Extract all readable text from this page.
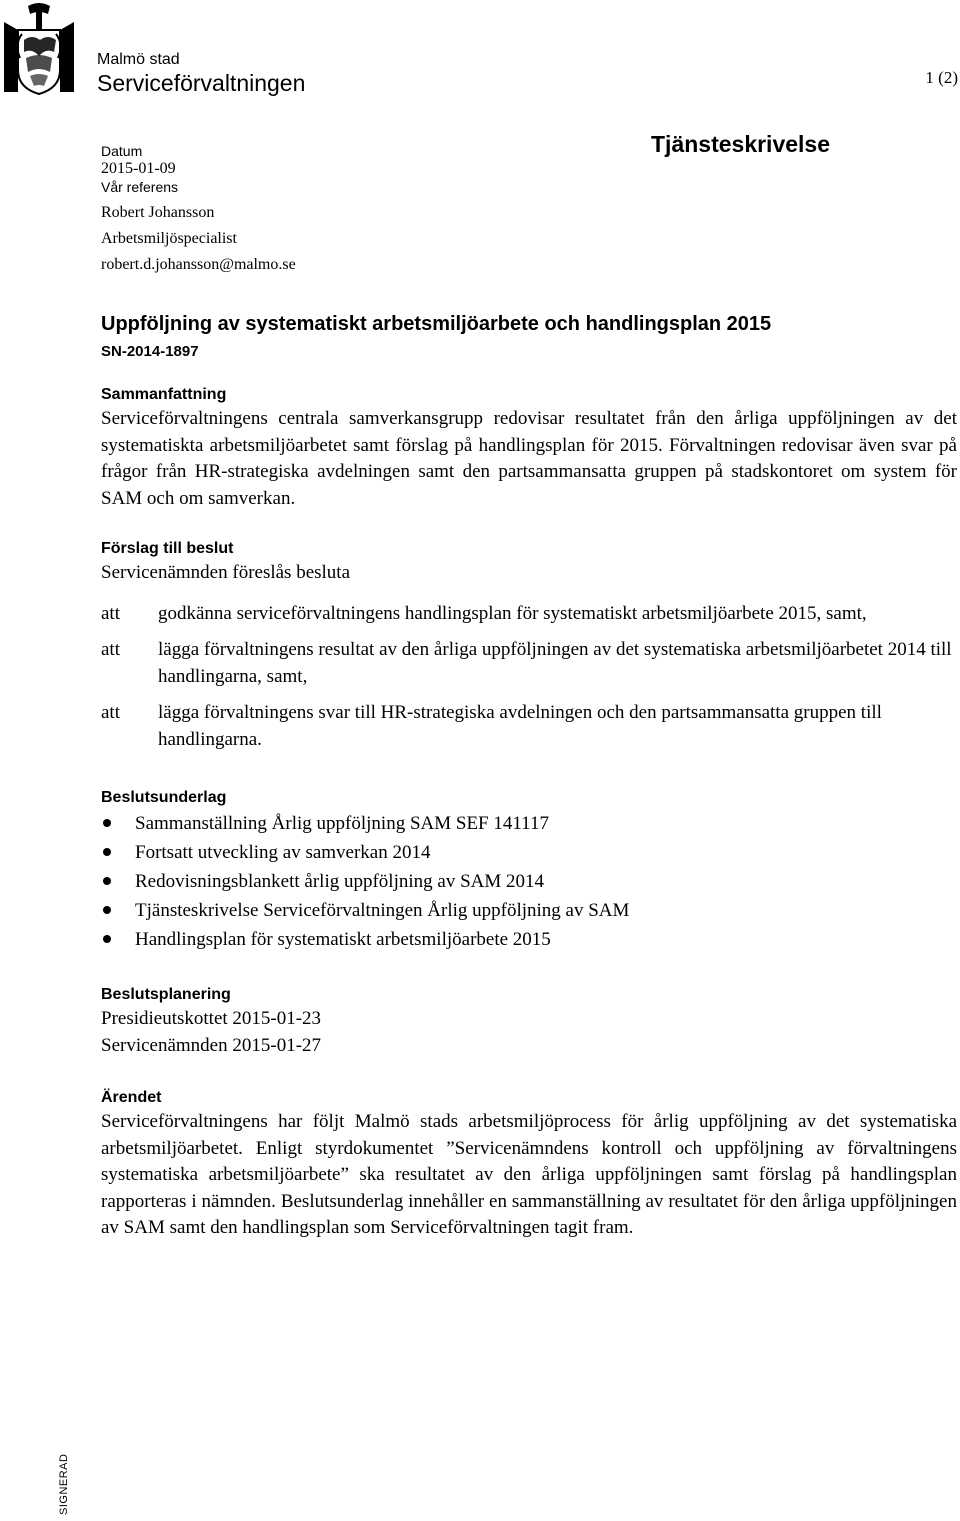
Malmö stad
Serviceförvaltningen	1 (2)
Datum
2015-01-09
Vår referens
Robert Johansson
Arbetsmiljöspecialist
robert.d.johansson@malmo.se
Tjänsteskrivelse
Uppföljning av systematiskt arbetsmiljöarbete och handlingsplan 2015
SN-2014-1897
Sammanfattning

Serviceförvaltningens centrala samverkansgrupp redovisar resultatet från den årliga uppföljningen av det systematiskta arbetsmiljöarbetet samt förslag på handlingsplan för 2015. Förvaltningen redovisar även svar på frågor från HR-strategiska avdelningen samt den partsammansatta gruppen på stadskontoret om system för SAM och om samverkan.

Förslag till beslut

Servicenämnden föreslås besluta

att	godkänna serviceförvaltningens handlingsplan för systematiskt arbetsmiljöarbete 2015, samt,
att	lägga förvaltningens resultat av den årliga uppföljningen av det systematiska arbetsmiljöarbetet 2014 till handlingarna, samt,
att	lägga förvaltningens svar till HR-strategiska avdelningen och den partsammansatta gruppen till handlingarna.
Beslutsunderlag
Sammanställning Årlig uppföljning SAM SEF 141117
Fortsatt utveckling av samverkan 2014
Redovisningsblankett årlig uppföljning av SAM 2014
Tjänsteskrivelse Serviceförvaltningen Årlig uppföljning av SAM
Handlingsplan för systematiskt arbetsmiljöarbete 2015
Beslutsplanering

Presidieutskottet 2015-01-23

Servicenämnden 2015-01-27

Ärendet

Serviceförvaltningens har följt Malmö stads arbetsmiljöprocess för årlig uppföljning av det systematiska arbetsmiljöarbetet. Enligt styrdokumentet ”Servicenämndens kontroll och uppföljning av förvaltningens systematiska arbetsmiljöarbete” ska resultatet av den årliga uppföljningen samt förslag på handlingsplan rapporteras i nämnden. Beslutsunderlag innehåller en sammanställning av resultatet för den årliga uppföljningen av SAM samt den handlingsplan som Serviceförvaltningen tagit fram.

SIGNERAD
